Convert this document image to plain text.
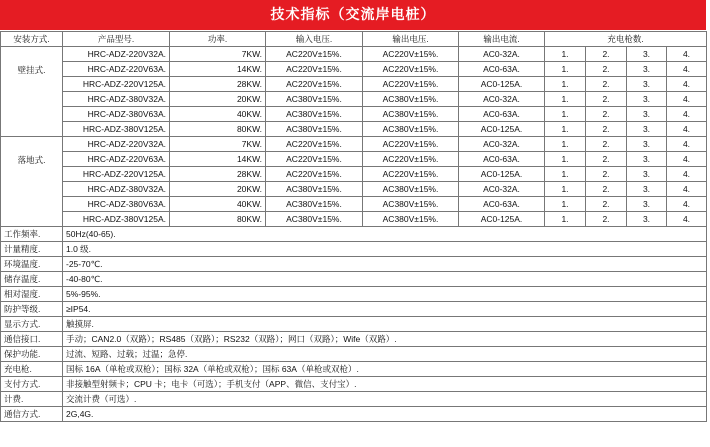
技术指标（交流岸电桩）
安装方式.	产品型号.	功率.	输入电压.	输出电压.	输出电流.	充电枪数.			
壁挂式.	HRC-ADZ-220V32A.	7KW.	AC220V±15%.	AC220V±15%.	AC0-32A.	1.	2.	3.	4.
	HRC-ADZ-220V63A.	14KW.	AC220V±15%.	AC220V±15%.	AC0-63A.	1.	2.	3.	4.
	HRC-ADZ-220V125A.	28KW.	AC220V±15%.	AC220V±15%.	AC0-125A.	1.	2.	3.	4.
	HRC-ADZ-380V32A.	20KW.	AC380V±15%.	AC380V±15%.	AC0-32A.	1.	2.	3.	4.
	HRC-ADZ-380V63A.	40KW.	AC380V±15%.	AC380V±15%.	AC0-63A.	1.	2.	3.	4.
	HRC-ADZ-380V125A.	80KW.	AC380V±15%.	AC380V±15%.	AC0-125A.	1.	2.	3.	4.
落地式.	HRC-ADZ-220V32A.	7KW.	AC220V±15%.	AC220V±15%.	AC0-32A.	1.	2.	3.	4.
	HRC-ADZ-220V63A.	14KW.	AC220V±15%.	AC220V±15%.	AC0-63A.	1.	2.	3.	4.
	HRC-ADZ-220V125A.	28KW.	AC220V±15%.	AC220V±15%.	AC0-125A.	1.	2.	3.	4.
	HRC-ADZ-380V32A.	20KW.	AC380V±15%.	AC380V±15%.	AC0-32A.	1.	2.	3.	4.
	HRC-ADZ-380V63A.	40KW.	AC380V±15%.	AC380V±15%.	AC0-63A.	1.	2.	3.	4.
	HRC-ADZ-380V125A.	80KW.	AC380V±15%.	AC380V±15%.	AC0-125A.	1.	2.	3.	4.
工作频率.	50Hz(40-65).								
计量精度.	1.0 级.								
环境温度.	-25-70℃.								
储存温度.	-40-80℃.								
相对湿度.	5%-95%.								
防护等级.	≥IP54.								
显示方式.	触摸屏.								
通信接口.	手动；CAN2.0（双路）；RS485（双路）；RS232（双路）；网口（双路）；Wife（双路）.								
保护功能.	过流、短路、过载；过温；急停.								
充电枪.	国标 16A（单枪或双枪）；国标 32A（单枪或双枪）；国标 63A（单枪或双枪）.								
支付方式.	非接触型射频卡；CPU 卡；电卡（可选）；手机支付（APP、微信、支付宝）.								
计费.	交流计费（可选）.								
通信方式.	2G,4G.								
